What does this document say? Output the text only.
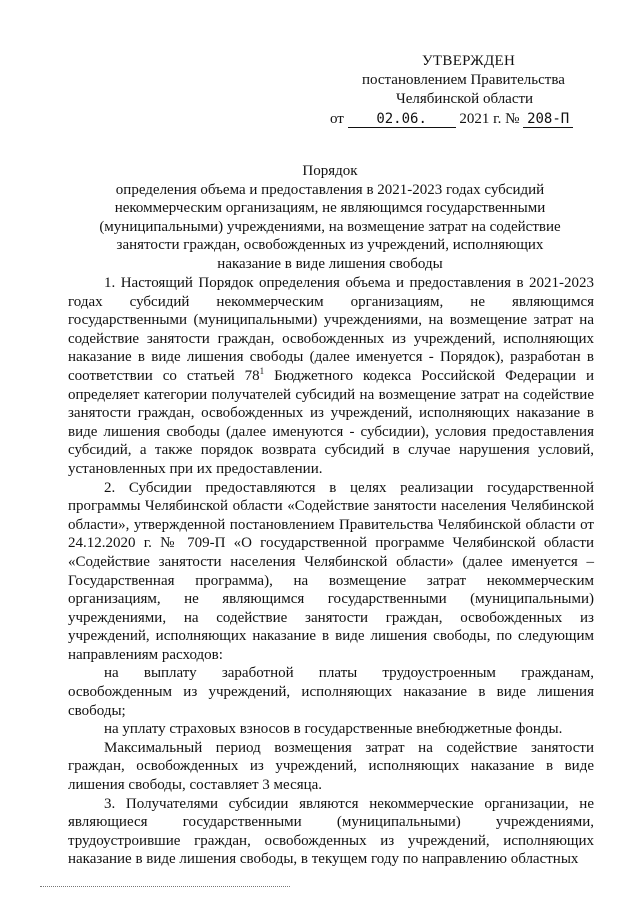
УТВЕРЖДЕН
постановлением Правительства
Челябинской области
от 02.06. 2021 г. № 208-П
Порядок
определения объема и предоставления в 2021-2023 годах субсидий некоммерческим организациям, не являющимся государственными (муниципальными) учреждениями, на возмещение затрат на содействие занятости граждан, освобожденных из учреждений, исполняющих наказание в виде лишения свободы

1. Настоящий Порядок определения объема и предоставления в 2021-2023 годах субсидий некоммерческим организациям, не являющимся государственными (муниципальными) учреждениями, на возмещение затрат на содействие занятости граждан, освобожденных из учреждений, исполняющих наказание в виде лишения свободы (далее именуется - Порядок), разработан в соответствии со статьей $78^1$ Бюджетного кодекса Российской Федерации и определяет категории получателей субсидий на возмещение затрат на содействие занятости граждан, освобожденных из учреждений, исполняющих наказание в виде лишения свободы (далее именуются - субсидии), условия предоставления субсидий, а также порядок возврата субсидий в случае нарушения условий, установленных при их предоставлении.

2. Субсидии предоставляются в целях реализации государственной программы Челябинской области «Содействие занятости населения Челябинской области», утвержденной постановлением Правительства Челябинской области от 24.12.2020 г. № 709-П «О государственной программе Челябинской области «Содействие занятости населения Челябинской области» (далее именуется – Государственная программа), на возмещение затрат некоммерческим организациям, не являющимся государственными (муниципальными) учреждениями, на содействие занятости граждан, освобожденных из учреждений, исполняющих наказание в виде лишения свободы, по следующим направлениям расходов:

на выплату заработной платы трудоустроенным гражданам, освобожденным из учреждений, исполняющих наказание в виде лишения свободы;

на уплату страховых взносов в государственные внебюджетные фонды.

Максимальный период возмещения затрат на содействие занятости граждан, освобожденных из учреждений, исполняющих наказание в виде лишения свободы, составляет 3 месяца.

3. Получателями субсидии являются некоммерческие организации, не являющиеся государственными (муниципальными) учреждениями, трудоустроившие граждан, освобожденных из учреждений, исполняющих наказание в виде лишения свободы, в текущем году по направлению областных
